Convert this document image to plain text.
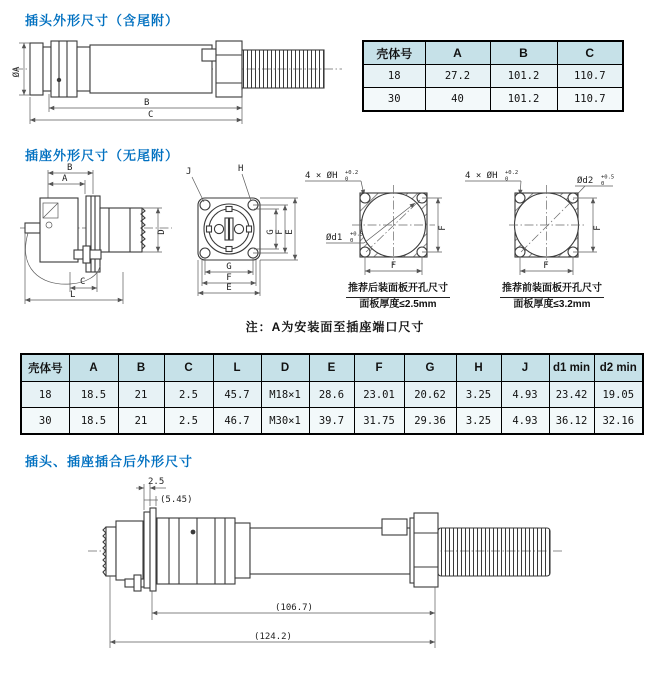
插头外形尺寸（含尾附）
ØA
B
C
壳体号	A	B	C
18	27.2	101.2	110.7
30	40	101.2	110.7
插座外形尺寸（无尾附）
B
A
D
C
L
J	H
G F E
G
F
E
4 × ØH +0.2
0
Ød1 +0.5
0
F
F
推荐后装面板开孔尺寸
面板厚度≤2.5mm
4 × ØH +0.2
0	Ød2 +0.5
0
F
F
推荐前装面板开孔尺寸
面板厚度≤3.2mm
注：A为安装面至插座端口尺寸
壳体号	A	B	C	L	D	E	F	G	H	J	d1 min	d2 min
18	18.5	21	2.5	45.7	M18×1	28.6	23.01	20.62	3.25	4.93	23.42	19.05
30	18.5	21	2.5	46.7	M30×1	39.7	31.75	29.36	3.25	4.93	36.12	32.16
插头、插座插合后外形尺寸
2.5
(5.45)
(106.7)
(124.2)
